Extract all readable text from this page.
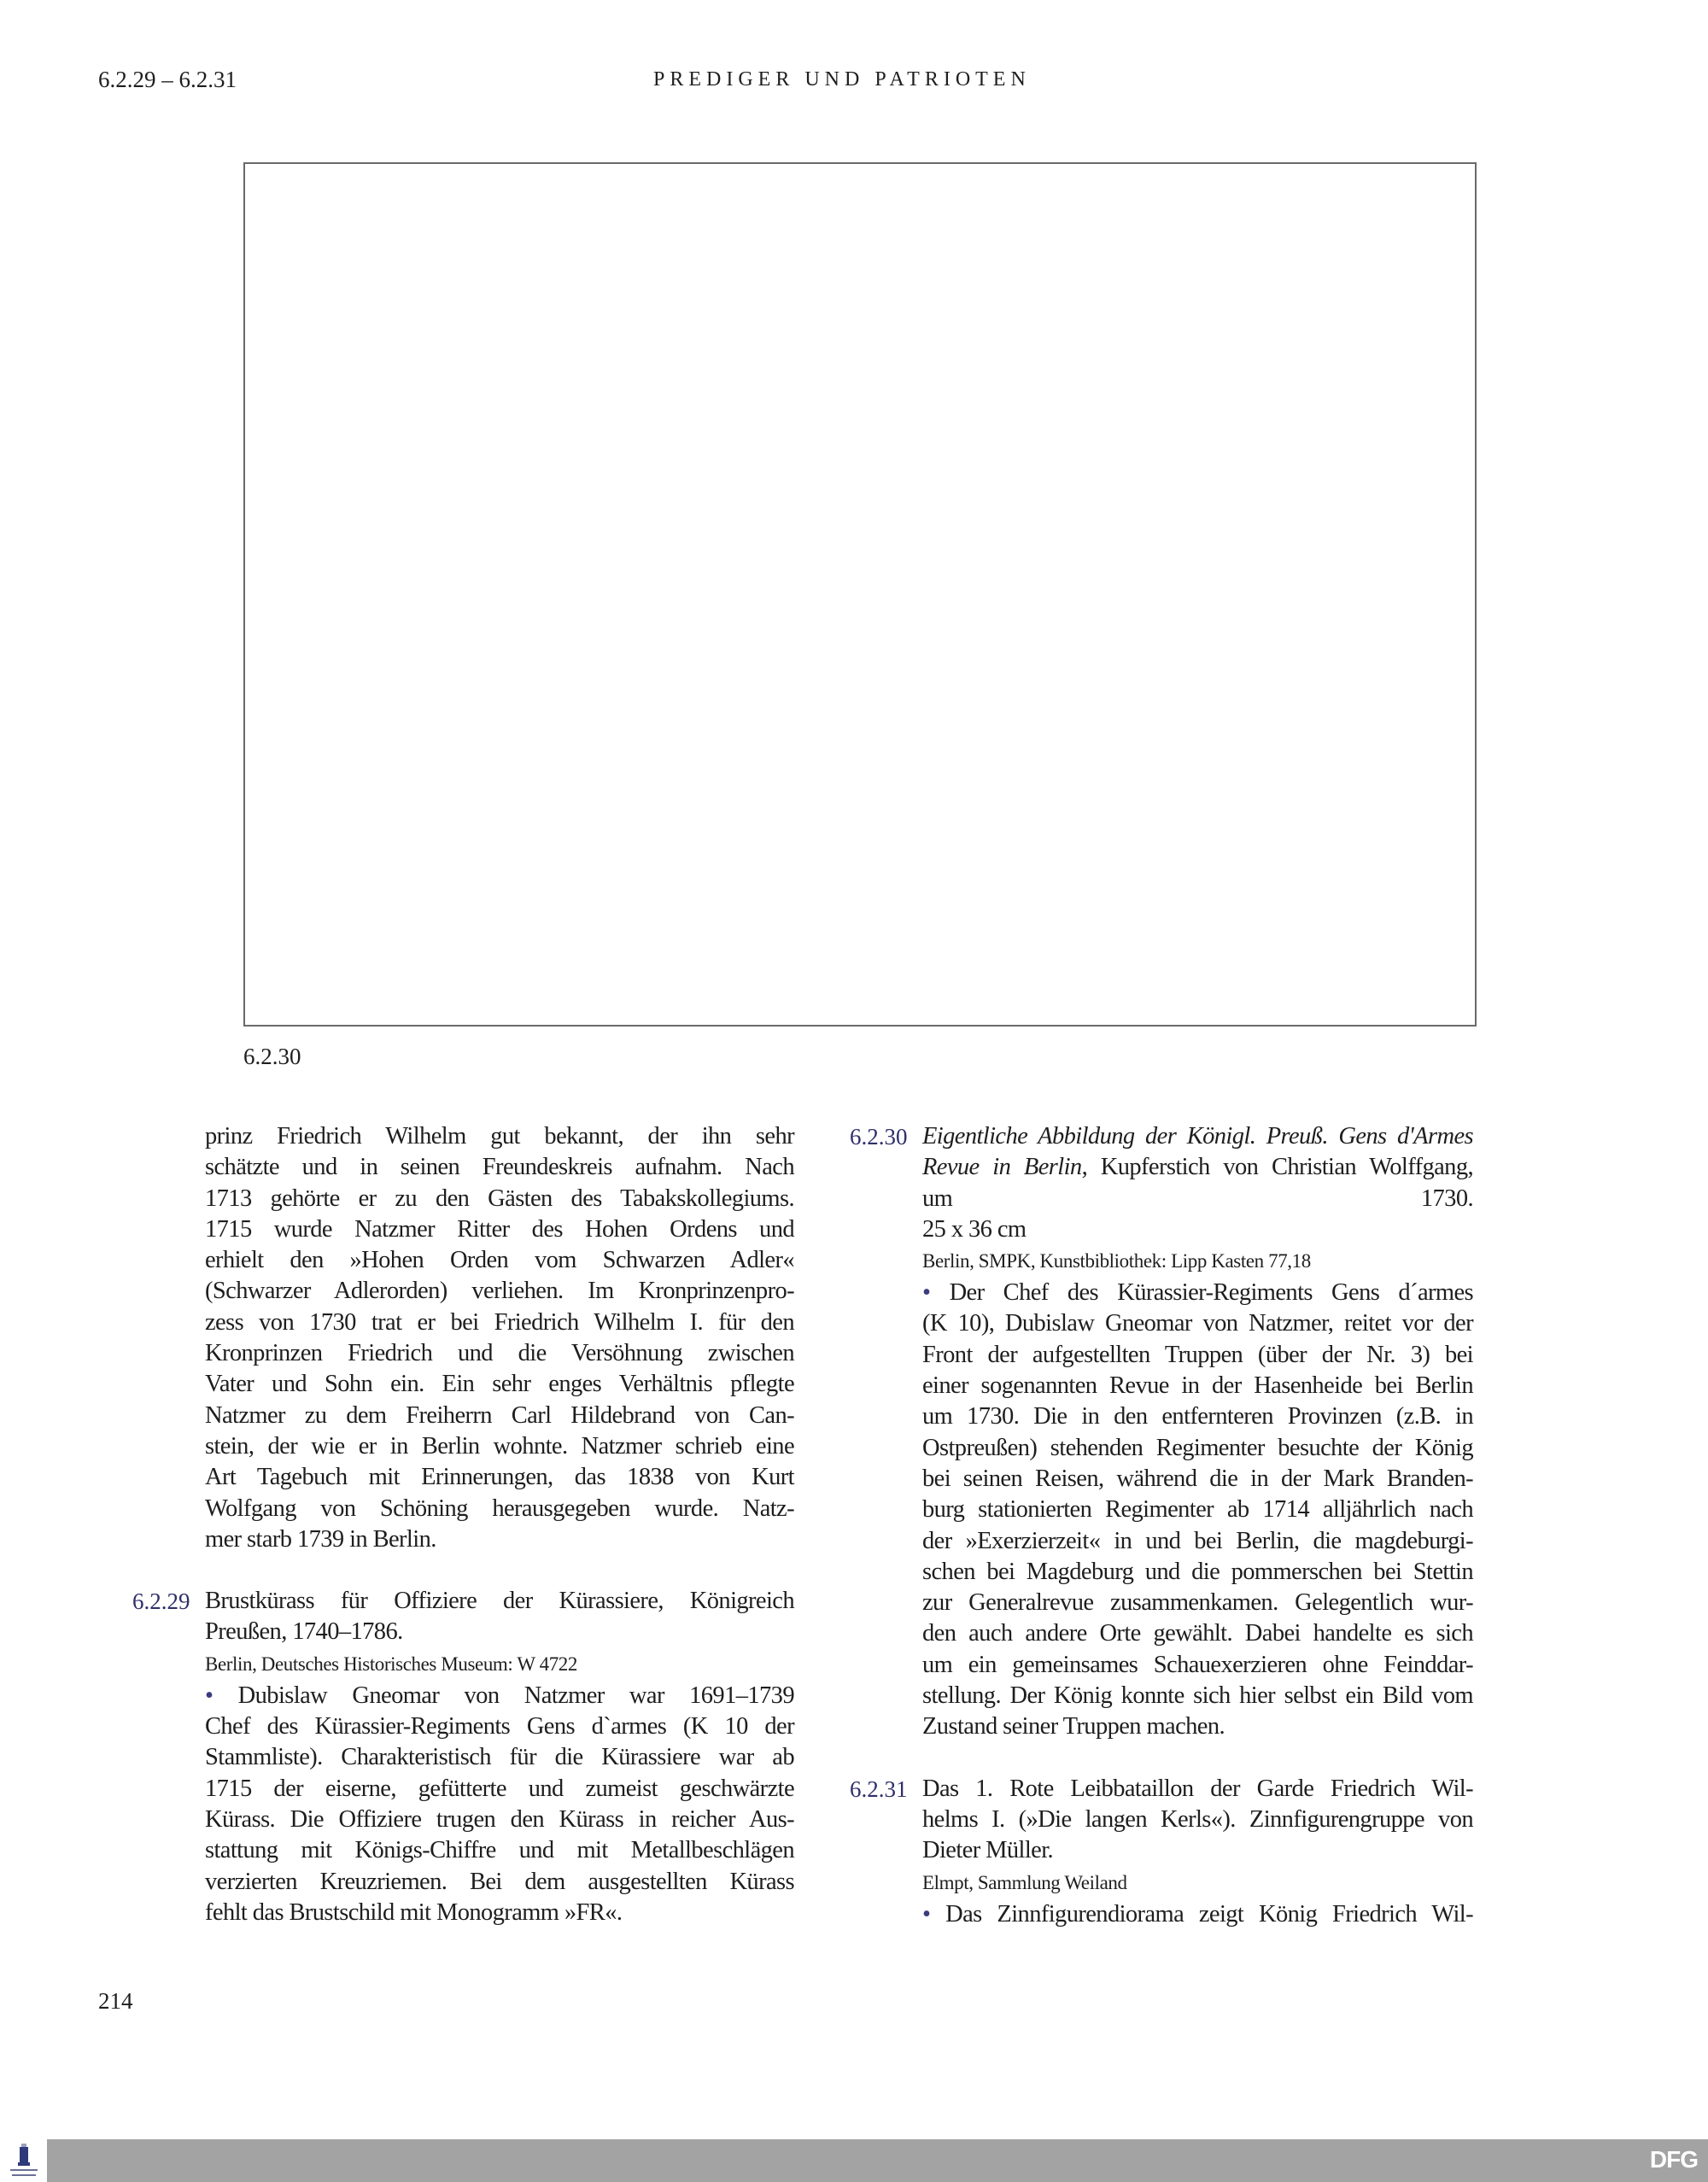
6.2.29 – 6.2.31	PREDIGER UND PATRIOTEN
6.2.30
prinz Friedrich Wilhelm gut bekannt, der ihn sehr
schätzte und in seinen Freundeskreis aufnahm. Nach
1713 gehörte er zu den Gästen des Tabakskollegiums.
1715 wurde Natzmer Ritter des Hohen Ordens und
erhielt den »Hohen Orden vom Schwarzen Adler«
(Schwarzer Adlerorden) verliehen. Im Kronprinzenpro-
zess von 1730 trat er bei Friedrich Wilhelm I. für den
Kronprinzen Friedrich und die Versöhnung zwischen
Vater und Sohn ein. Ein sehr enges Verhältnis pflegte
Natzmer zu dem Freiherrn Carl Hildebrand von Can-
stein, der wie er in Berlin wohnte. Natzmer schrieb eine
Art Tagebuch mit Erinnerungen, das 1838 von Kurt
Wolfgang von Schöning herausgegeben wurde. Natz-
mer starb 1739 in Berlin.
6.2.29 Brustkürass für Offiziere der Kürassiere, Königreich
Preußen, 1740–1786.
Berlin, Deutsches Historisches Museum: W 4722
• Dubislaw Gneomar von Natzmer war 1691–1739
Chef des Kürassier-Regiments Gens d`armes (K 10 der
Stammliste). Charakteristisch für die Kürassiere war ab
1715 der eiserne, gefütterte und zumeist geschwärzte
Kürass. Die Offiziere trugen den Kürass in reicher Aus-
stattung mit Königs-Chiffre und mit Metallbeschlägen
verzierten Kreuzriemen. Bei dem ausgestellten Kürass
fehlt das Brustschild mit Monogramm »FR«.
6.2.30 Eigentliche Abbildung der Königl. Preuß. Gens d'Armes
Revue in Berlin, Kupferstich von Christian Wolffgang,
um 1730.
25 x 36 cm
Berlin, SMPK, Kunstbibliothek: Lipp Kasten 77,18
• Der Chef des Kürassier-Regiments Gens d´armes
(K 10), Dubislaw Gneomar von Natzmer, reitet vor der
Front der aufgestellten Truppen (über der Nr. 3) bei
einer sogenannten Revue in der Hasenheide bei Berlin
um 1730. Die in den entfernteren Provinzen (z.B. in
Ostpreußen) stehenden Regimenter besuchte der König
bei seinen Reisen, während die in der Mark Branden-
burg stationierten Regimenter ab 1714 alljährlich nach
der »Exerzierzeit« in und bei Berlin, die magdeburgi-
schen bei Magdeburg und die pommerschen bei Stettin
zur Generalrevue zusammenkamen. Gelegentlich wur-
den auch andere Orte gewählt. Dabei handelte es sich
um ein gemeinsames Schauexerzieren ohne Feinddar-
stellung. Der König konnte sich hier selbst ein Bild vom
Zustand seiner Truppen machen.
6.2.31 Das 1. Rote Leibbataillon der Garde Friedrich Wil-
helms I. (»Die langen Kerls«). Zinnfigurengruppe von
Dieter Müller.
Elmpt, Sammlung Weiland
• Das Zinnfigurendiorama zeigt König Friedrich Wil-
214
DFG
